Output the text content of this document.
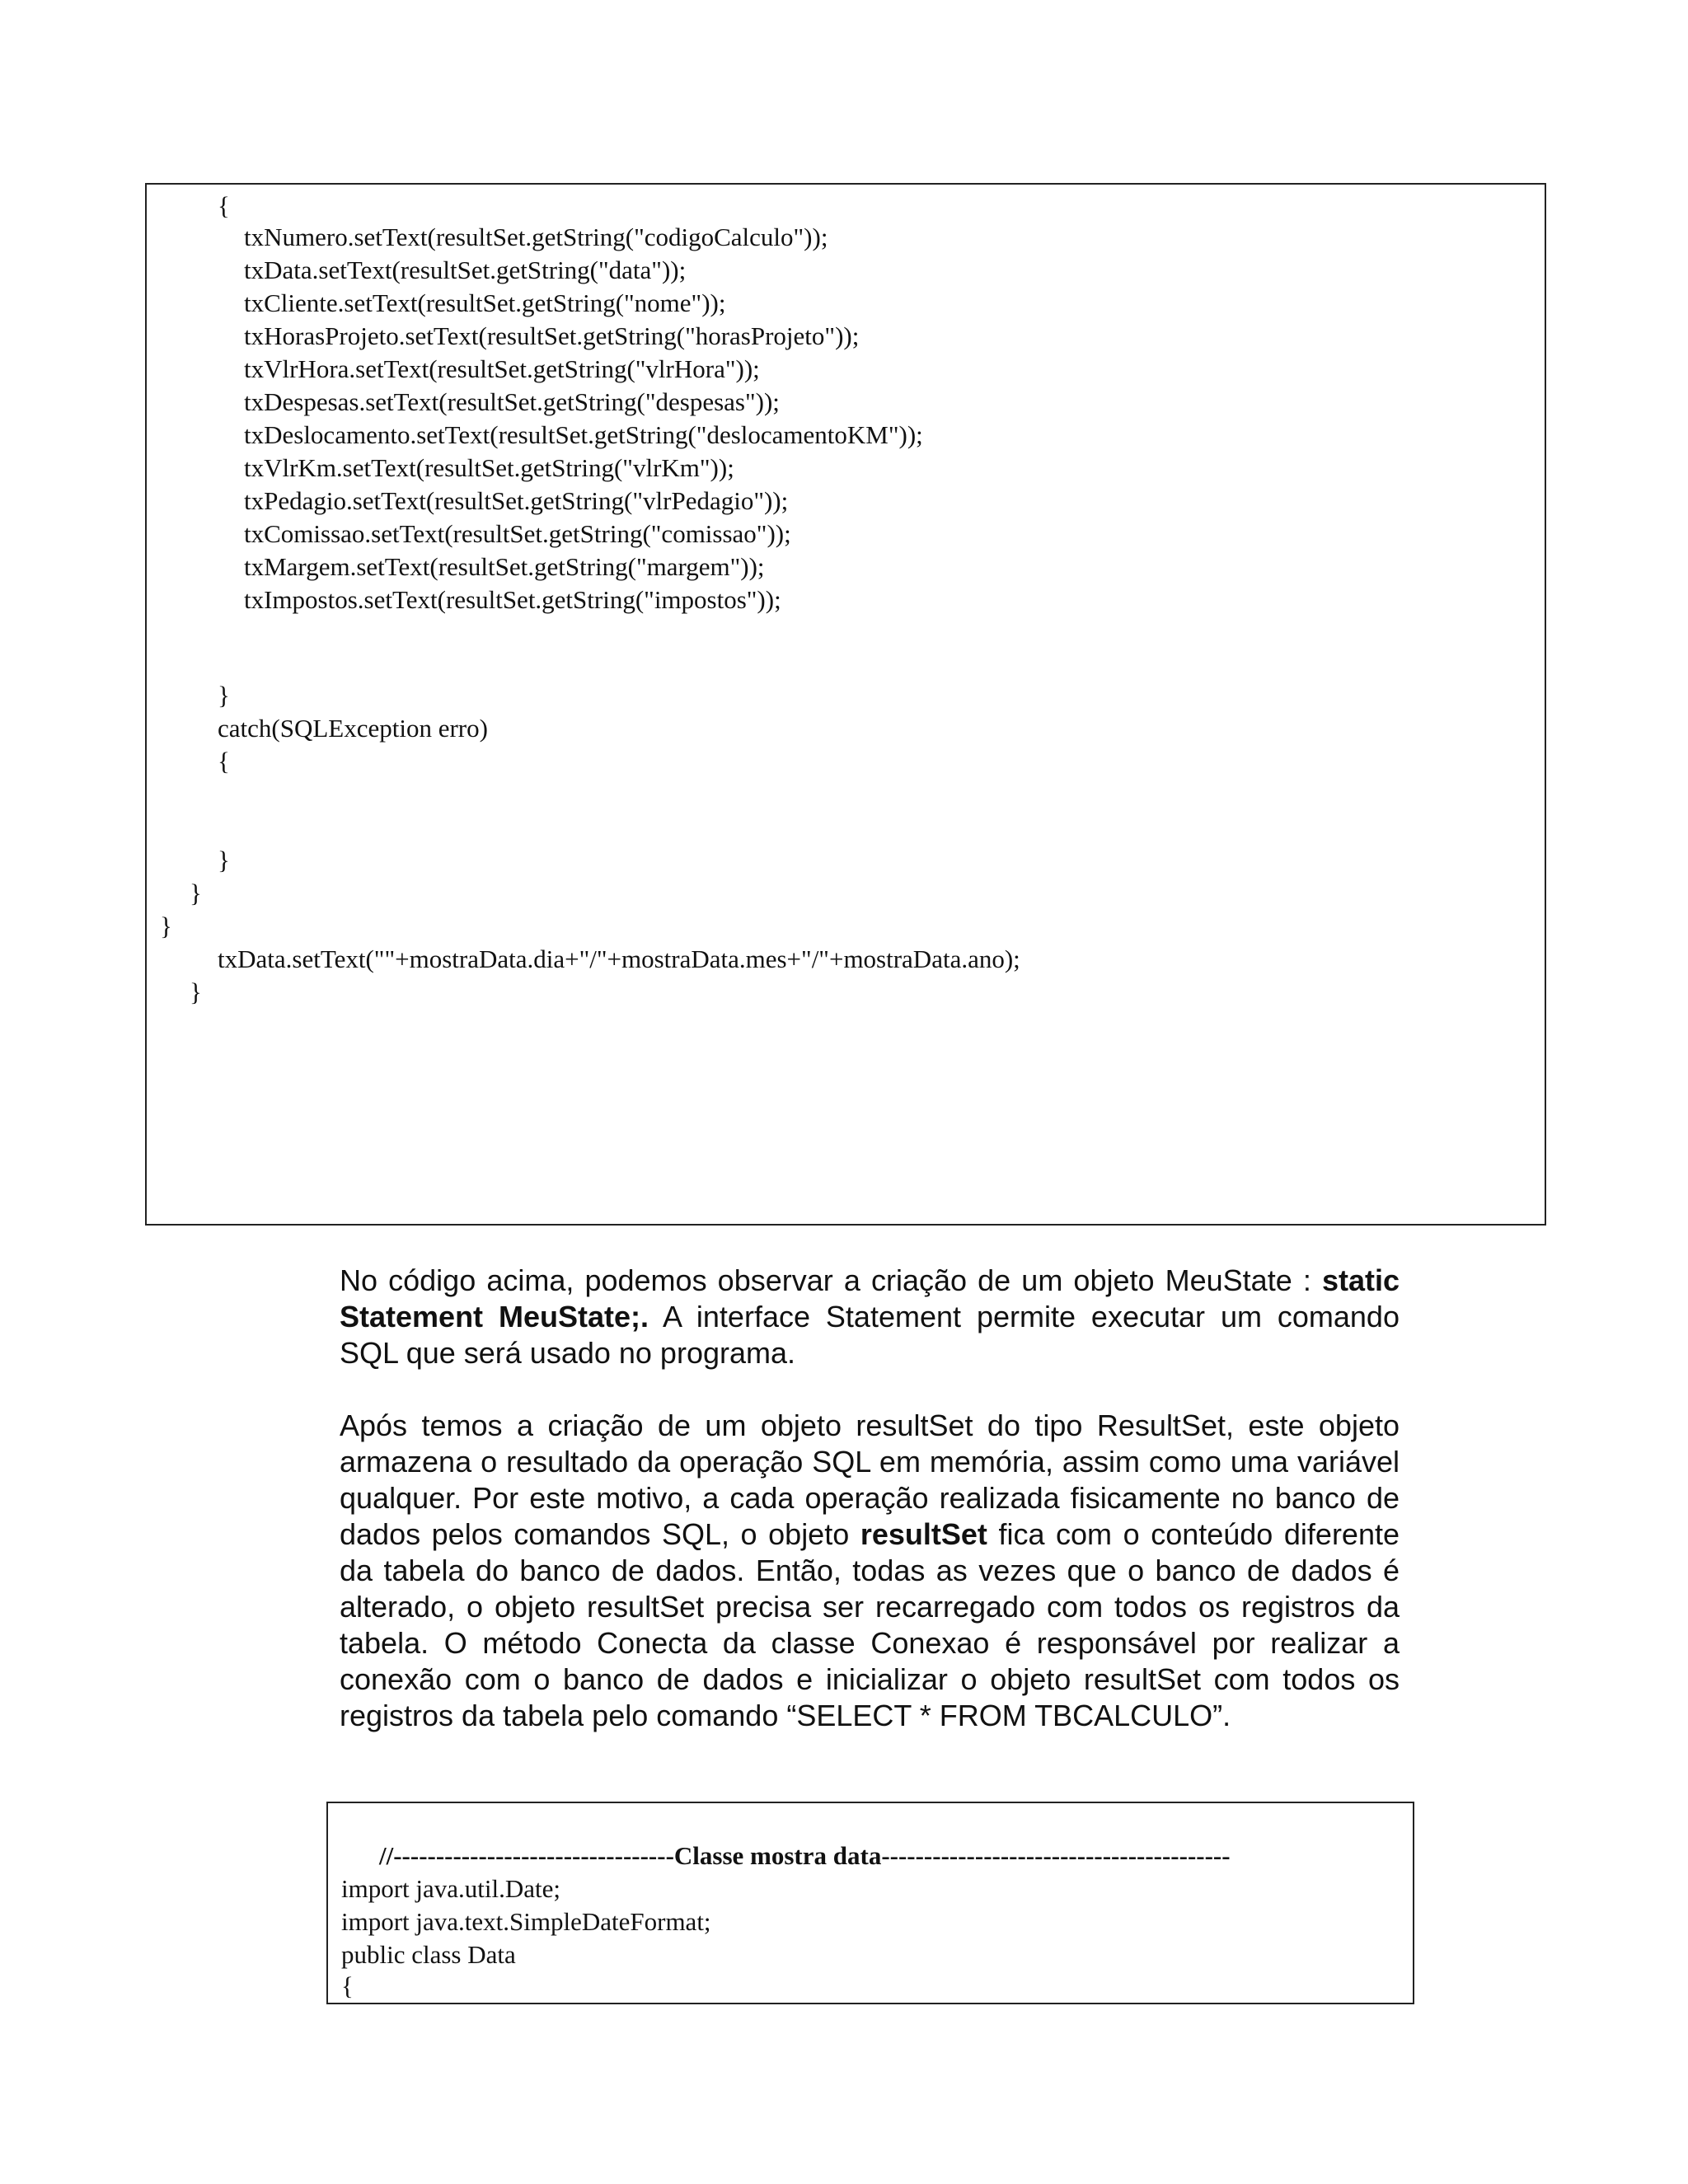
{

txNumero.setText(resultSet.getString("codigoCalculo"));

txData.setText(resultSet.getString("data"));

txCliente.setText(resultSet.getString("nome"));

txHorasProjeto.setText(resultSet.getString("horasProjeto"));

txVlrHora.setText(resultSet.getString("vlrHora"));

txDespesas.setText(resultSet.getString("despesas"));

txDeslocamento.setText(resultSet.getString("deslocamentoKM"));

txVlrKm.setText(resultSet.getString("vlrKm"));

txPedagio.setText(resultSet.getString("vlrPedagio"));

txComissao.setText(resultSet.getString("comissao"));

txMargem.setText(resultSet.getString("margem"));

txImpostos.setText(resultSet.getString("impostos"));

}

catch(SQLException erro)

{

}

}

}

txData.setText(""+mostraData.dia+"/"+mostraData.mes+"/"+mostraData.ano);

}

No código acima, podemos observar a criação de um objeto MeuState : static Statement MeuState;. A interface Statement permite executar um comando SQL que será usado no programa.

Após temos a criação de um objeto resultSet do tipo ResultSet, este objeto armazena o resultado da operação SQL em memória, assim como uma variável qualquer. Por este motivo, a cada operação realizada fisicamente no banco de dados pelos comandos SQL, o objeto resultSet fica com o conteúdo diferente da tabela do banco de dados. Então, todas as vezes que o banco de dados é alterado, o objeto resultSet precisa ser recarregado com todos os registros da tabela. O método Conecta da classe Conexao é responsável por realizar a conexão com o banco de dados e inicializar o objeto resultSet com todos os registros da tabela pelo comando “SELECT * FROM TBCALCULO”.

//---------------------------------Classe mostra data-----------------------------------------
import java.util.Date;
import java.text.SimpleDateFormat;
public class Data
{
